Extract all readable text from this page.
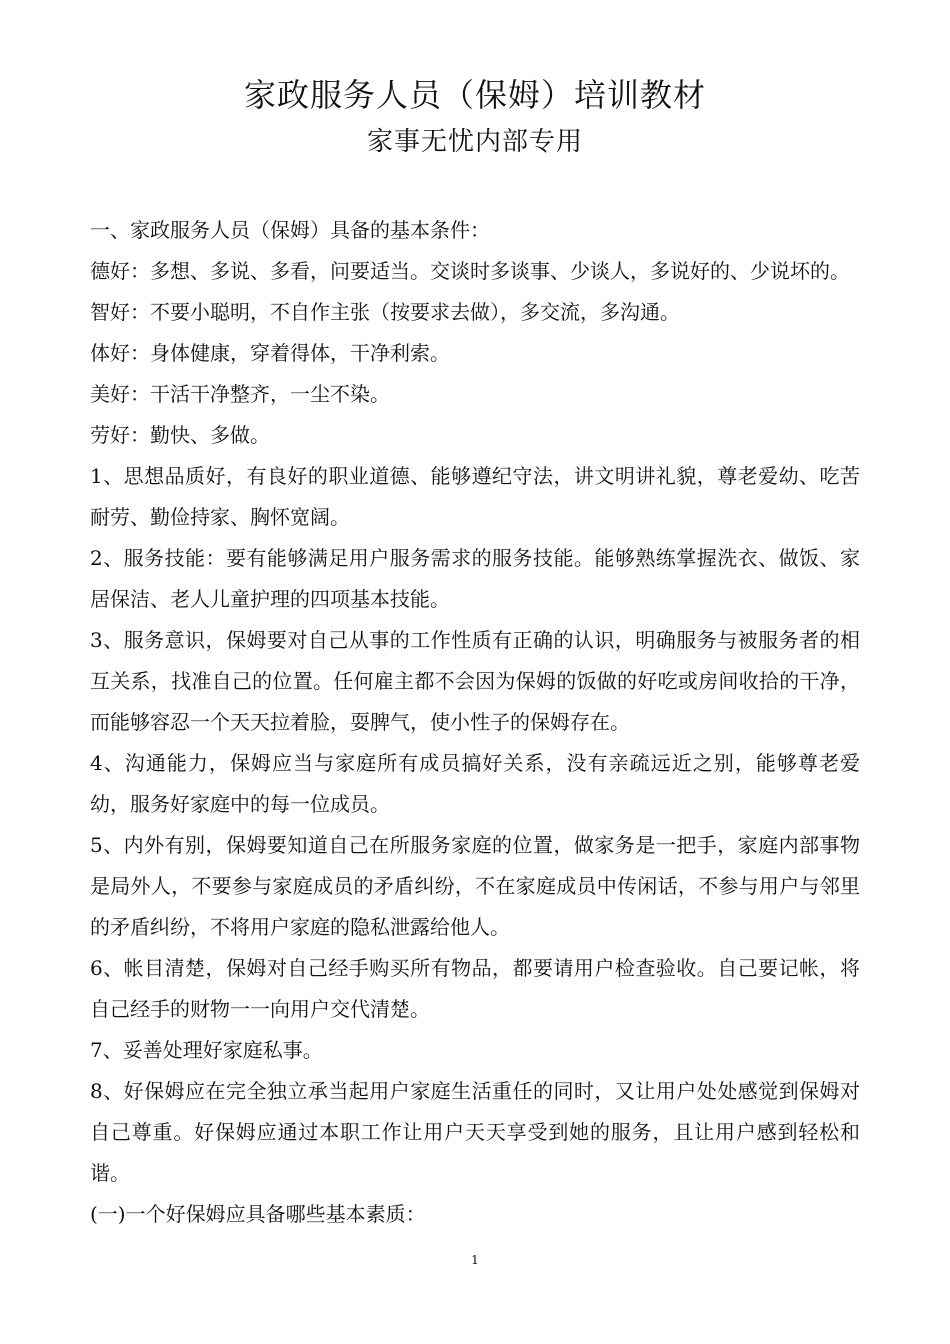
家政服务人员（保姆）培训教材
家事无忧内部专用

一、家政服务人员（保姆）具备的基本条件：

德好：多想、多说、多看，问要适当。交谈时多谈事、少谈人，多说好的、少说坏的。

智好：不要小聪明，不自作主张（按要求去做），多交流，多沟通。

体好：身体健康，穿着得体，干净利索。

美好：干活干净整齐，一尘不染。

劳好：勤快、多做。

1、思想品质好，有良好的职业道德、能够遵纪守法，讲文明讲礼貌，尊老爱幼、吃苦耐劳、勤俭持家、胸怀宽阔。

2、服务技能：要有能够满足用户服务需求的服务技能。能够熟练掌握洗衣、做饭、家居保洁、老人儿童护理的四项基本技能。

3、服务意识，保姆要对自己从事的工作性质有正确的认识，明确服务与被服务者的相互关系，找准自己的位置。任何雇主都不会因为保姆的饭做的好吃或房间收拾的干净，而能够容忍一个天天拉着脸，耍脾气，使小性子的保姆存在。

4、沟通能力，保姆应当与家庭所有成员搞好关系，没有亲疏远近之别，能够尊老爱幼，服务好家庭中的每一位成员。

5、内外有别，保姆要知道自己在所服务家庭的位置，做家务是一把手，家庭内部事物是局外人，不要参与家庭成员的矛盾纠纷，不在家庭成员中传闲话，不参与用户与邻里的矛盾纠纷，不将用户家庭的隐私泄露给他人。

6、帐目清楚，保姆对自己经手购买所有物品，都要请用户检查验收。自己要记帐，将自己经手的财物一一向用户交代清楚。

7、妥善处理好家庭私事。

8、好保姆应在完全独立承当起用户家庭生活重任的同时，又让用户处处感觉到保姆对自己尊重。好保姆应通过本职工作让用户天天享受到她的服务，且让用户感到轻松和谐。

(一)一个好保姆应具备哪些基本素质：

1
